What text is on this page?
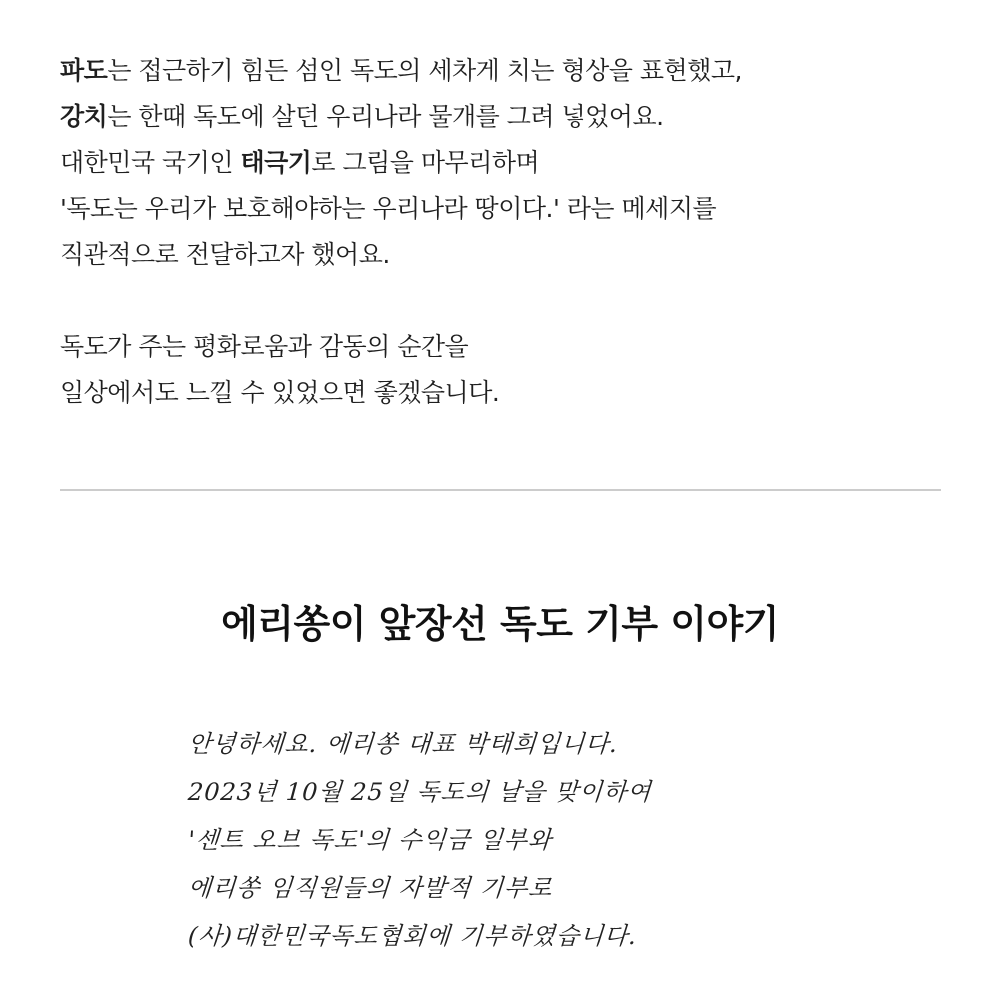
파도는 접근하기 힘든 섬인 독도의 세차게 치는 형상을 표현했고,
강치는 한때 독도에 살던 우리나라 물개를 그려 넣었어요.
대한민국 국기인 태극기로 그림을 마무리하며
'독도는 우리가 보호해야하는 우리나라 땅이다.' 라는 메세지를
직관적으로 전달하고자 했어요.
독도가 주는 평화로움과 감동의 순간을
일상에서도 느낄 수 있었으면 좋겠습니다.
에리쏭이 앞장선 독도 기부 이야기
안녕하세요. 에리쏭 대표 박태희입니다.
2023년 10월 25일 독도의 날을 맞이하여
'센트 오브 독도'의 수익금 일부와
에리쏭 임직원들의 자발적 기부로
(사)대한민국독도협회에 기부하였습니다.
